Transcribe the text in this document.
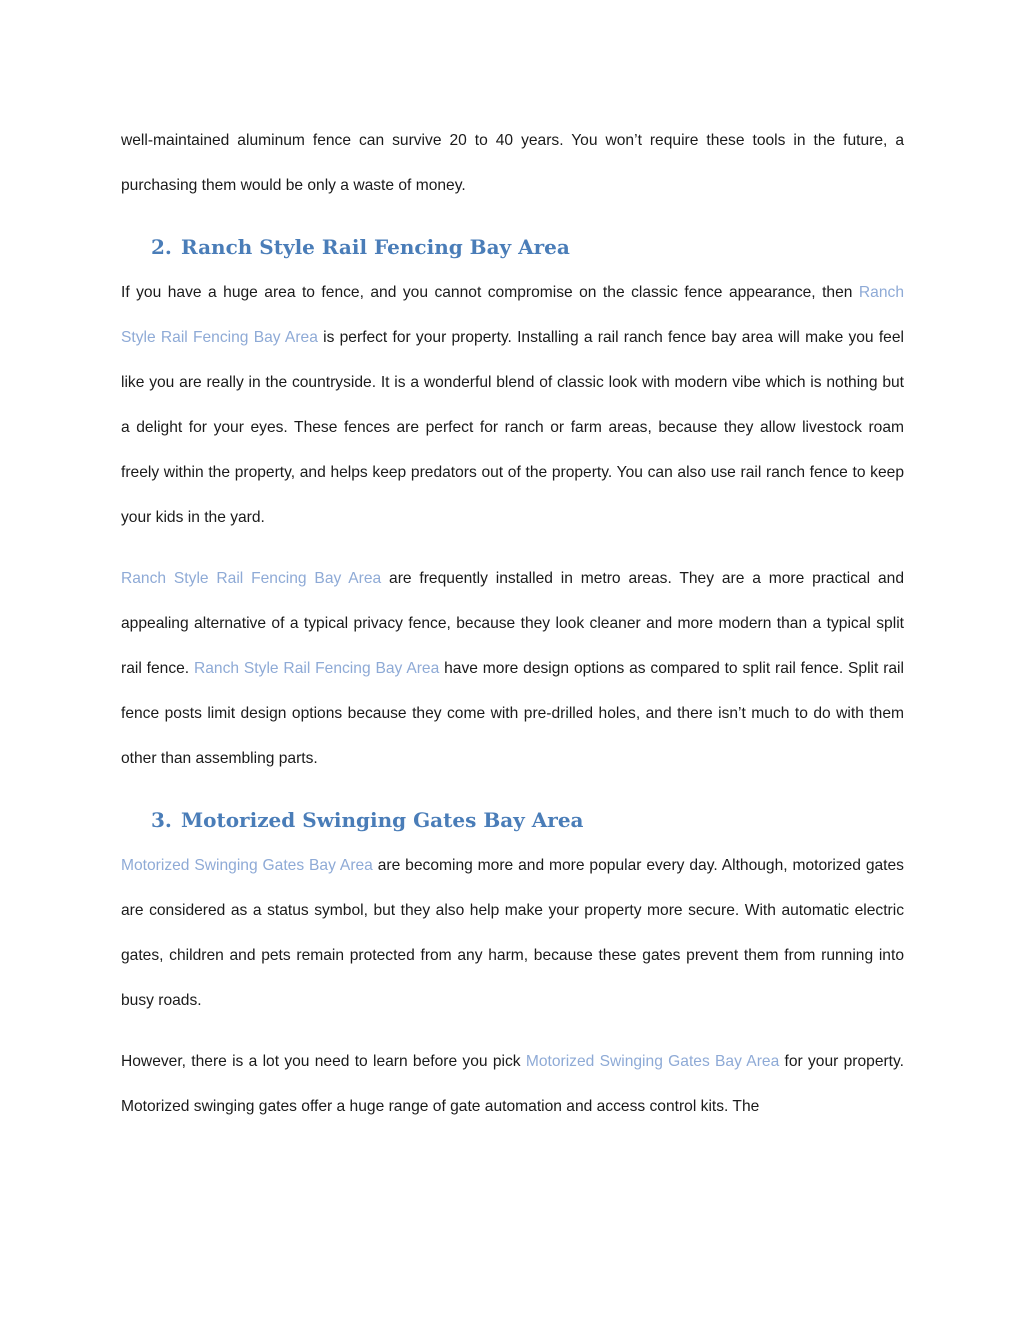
well-maintained aluminum fence can survive 20 to 40 years. You won’t require these tools in the future, a purchasing them would be only a waste of money.

2. Ranch Style Rail Fencing Bay Area

If you have a huge area to fence, and you cannot compromise on the classic fence appearance, then Ranch Style Rail Fencing Bay Area is perfect for your property. Installing a rail ranch fence bay area will make you feel like you are really in the countryside. It is a wonderful blend of classic look with modern vibe which is nothing but a delight for your eyes. These fences are perfect for ranch or farm areas, because they allow livestock roam freely within the property, and helps keep predators out of the property. You can also use rail ranch fence to keep your kids in the yard.

Ranch Style Rail Fencing Bay Area are frequently installed in metro areas. They are a more practical and appealing alternative of a typical privacy fence, because they look cleaner and more modern than a typical split rail fence. Ranch Style Rail Fencing Bay Area have more design options as compared to split rail fence. Split rail fence posts limit design options because they come with pre-drilled holes, and there isn’t much to do with them other than assembling parts.

3. Motorized Swinging Gates Bay Area

Motorized Swinging Gates Bay Area are becoming more and more popular every day. Although, motorized gates are considered as a status symbol, but they also help make your property more secure. With automatic electric gates, children and pets remain protected from any harm, because these gates prevent them from running into busy roads.

However, there is a lot you need to learn before you pick Motorized Swinging Gates Bay Area for your property. Motorized swinging gates offer a huge range of gate automation and access control kits. The
